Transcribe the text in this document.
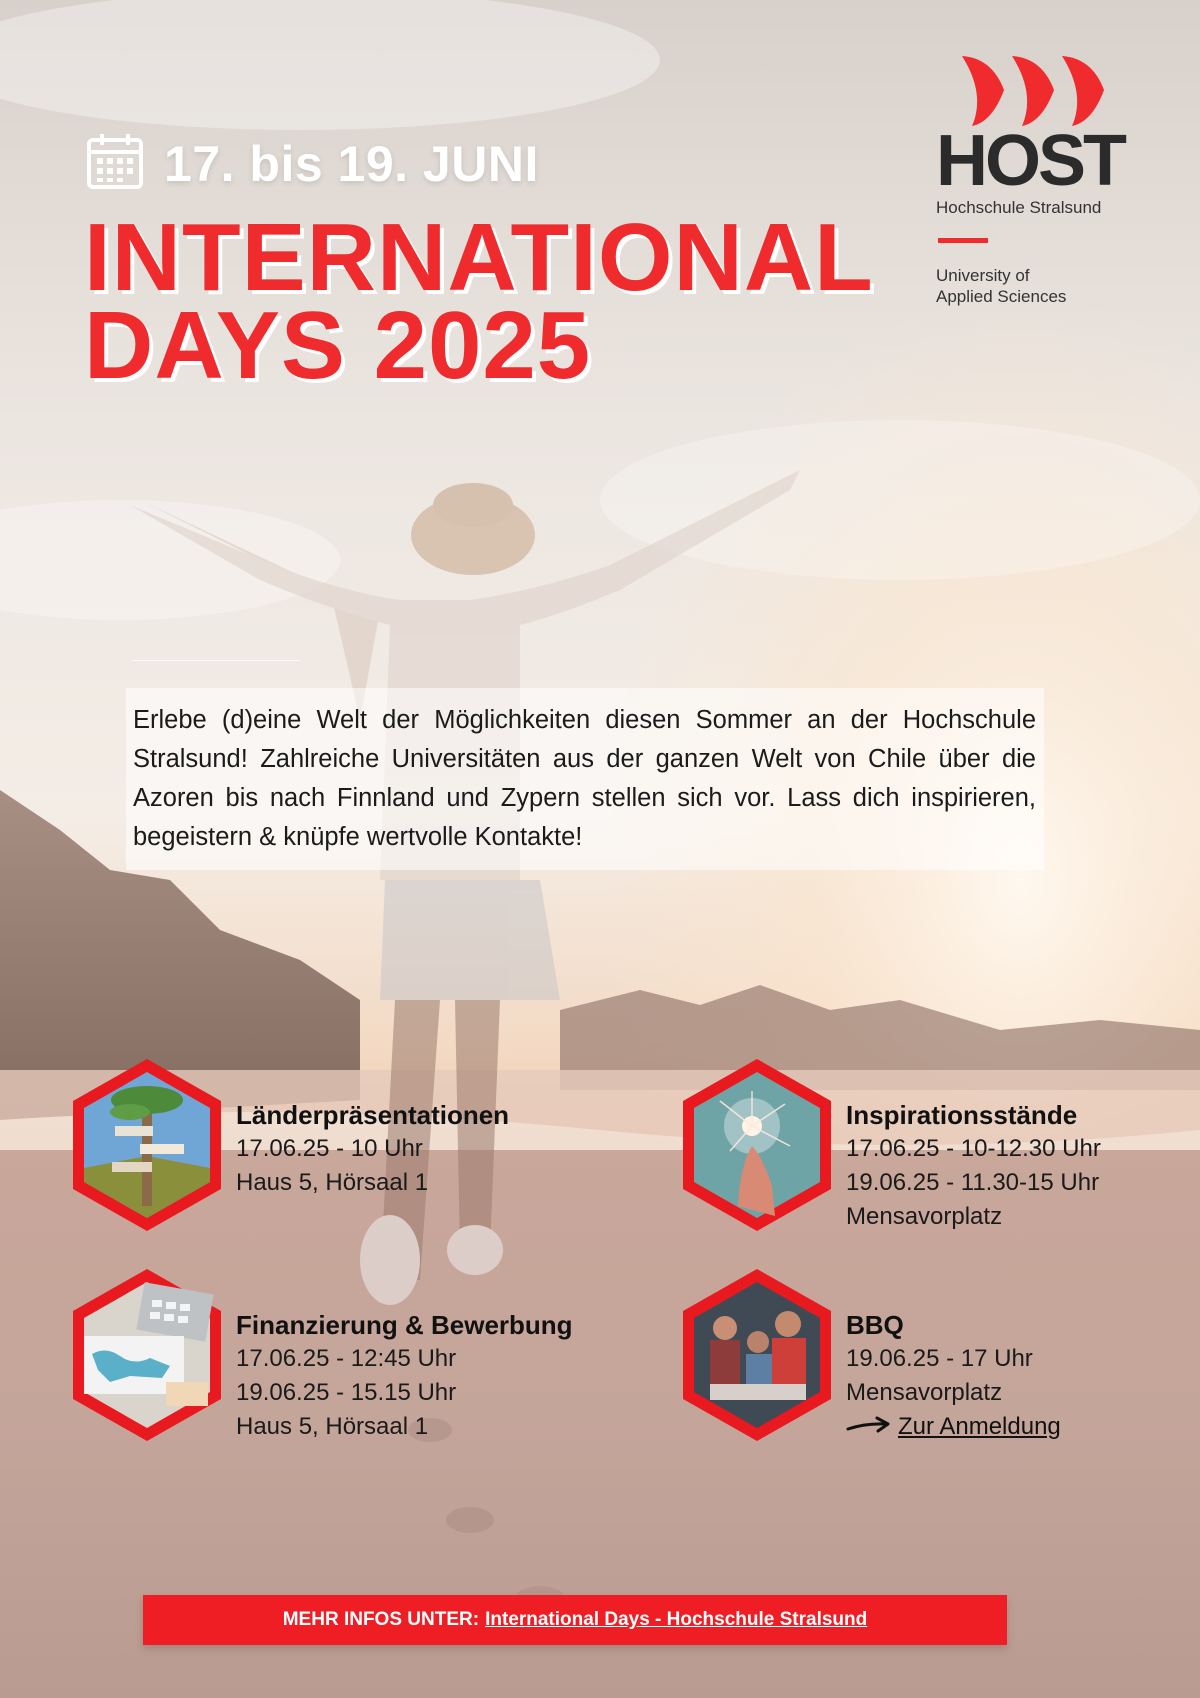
17. bis 19. JUNI
INTERNATIONAL
DAYS 2025
HOST
Hochschule Stralsund
University of
Applied Sciences
Erlebe (d)eine Welt der Möglichkeiten diesen Sommer an der Hochschule Stralsund! Zahlreiche Universitäten aus der ganzen Welt von Chile über die Azoren bis nach Finnland und Zypern stellen sich vor. Lass dich inspirieren, begeistern & knüpfe wertvolle Kontakte!
Länderpräsentationen
17.06.25 - 10 Uhr
Haus 5, Hörsaal 1
Inspirationsstände
17.06.25 - 10-12.30 Uhr
19.06.25 - 11.30-15 Uhr
Mensavorplatz
Finanzierung & Bewerbung
17.06.25 - 12:45 Uhr
19.06.25 - 15.15 Uhr
Haus 5, Hörsaal 1
BBQ
19.06.25 - 17 Uhr
Mensavorplatz
Zur Anmeldung
MEHR INFOS UNTER: International Days - Hochschule Stralsund
